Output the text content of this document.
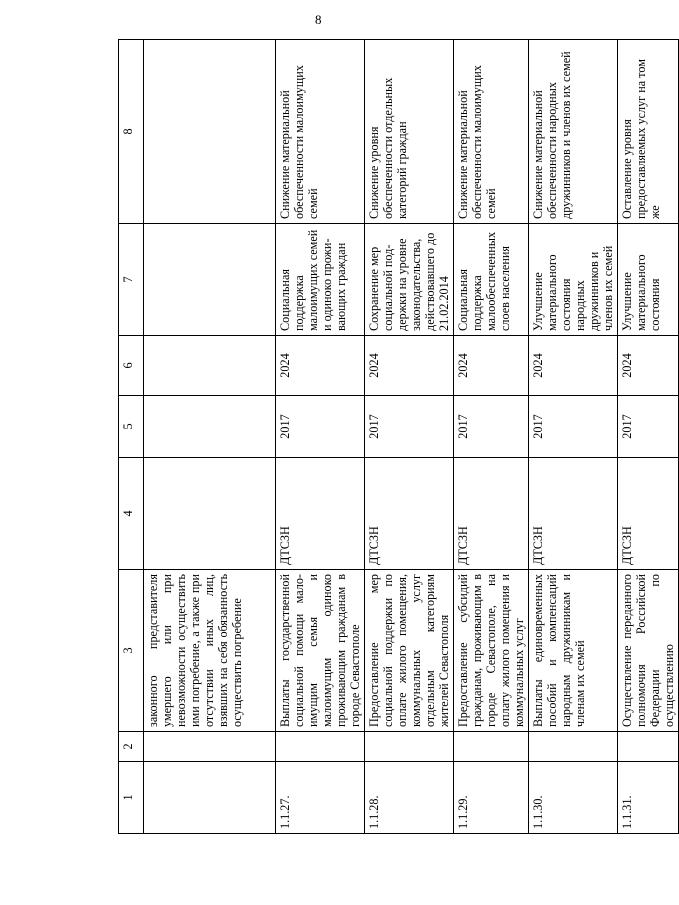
8
1	2	3	4	5	6	7	8
		законного представителя умершего или при невозможности осуществить ими погребение, а также при отсутствии иных лиц, взявших на себя обязанность осуществить погребение					
1.1.27.		Выплаты государственной социальной помощи мало-имущим семья и малоимущим одиноко проживающим гражданам в городе Севастополе	ДТСЗН	2017	2024	Социальная поддержка малоимущих семей и одиноко прожи-вающих граждан	Снижение материальной обеспеченности малоимущих семей
1.1.28.		Предоставление мер социальной поддержки по оплате жилого помещения, коммунальных услуг отдельным категориям жителей Севастополя	ДТСЗН	2017	2024	Сохранение мер социальной под-держки на уровне законодательства, действовавшего до 21.02.2014	Снижение уровня обеспеченности отдельных категорий граждан
1.1.29.		Предоставление субсидий гражданам, проживающим в городе Севастополе, на оплату жилого помещения и коммунальных услуг	ДТСЗН	2017	2024	Социальная поддержка малообеспеченных слоев населения	Снижение материальной обеспеченности малоимущих семей
1.1.30.		Выплаты единовременных пособий и компенсаций народным дружинникам и членам их семей	ДТСЗН	2017	2024	Улучшение материального состояния народных дружинников и членов их семей	Снижение материальной обеспеченности народных дружинников и членов их семей
1.1.31.		Осуществление переданного полномочия Российской Федерации по осуществлению	ДТСЗН	2017	2024	Улучшение материального состояния	Оставление уровня предоставляемых услуг на том же
